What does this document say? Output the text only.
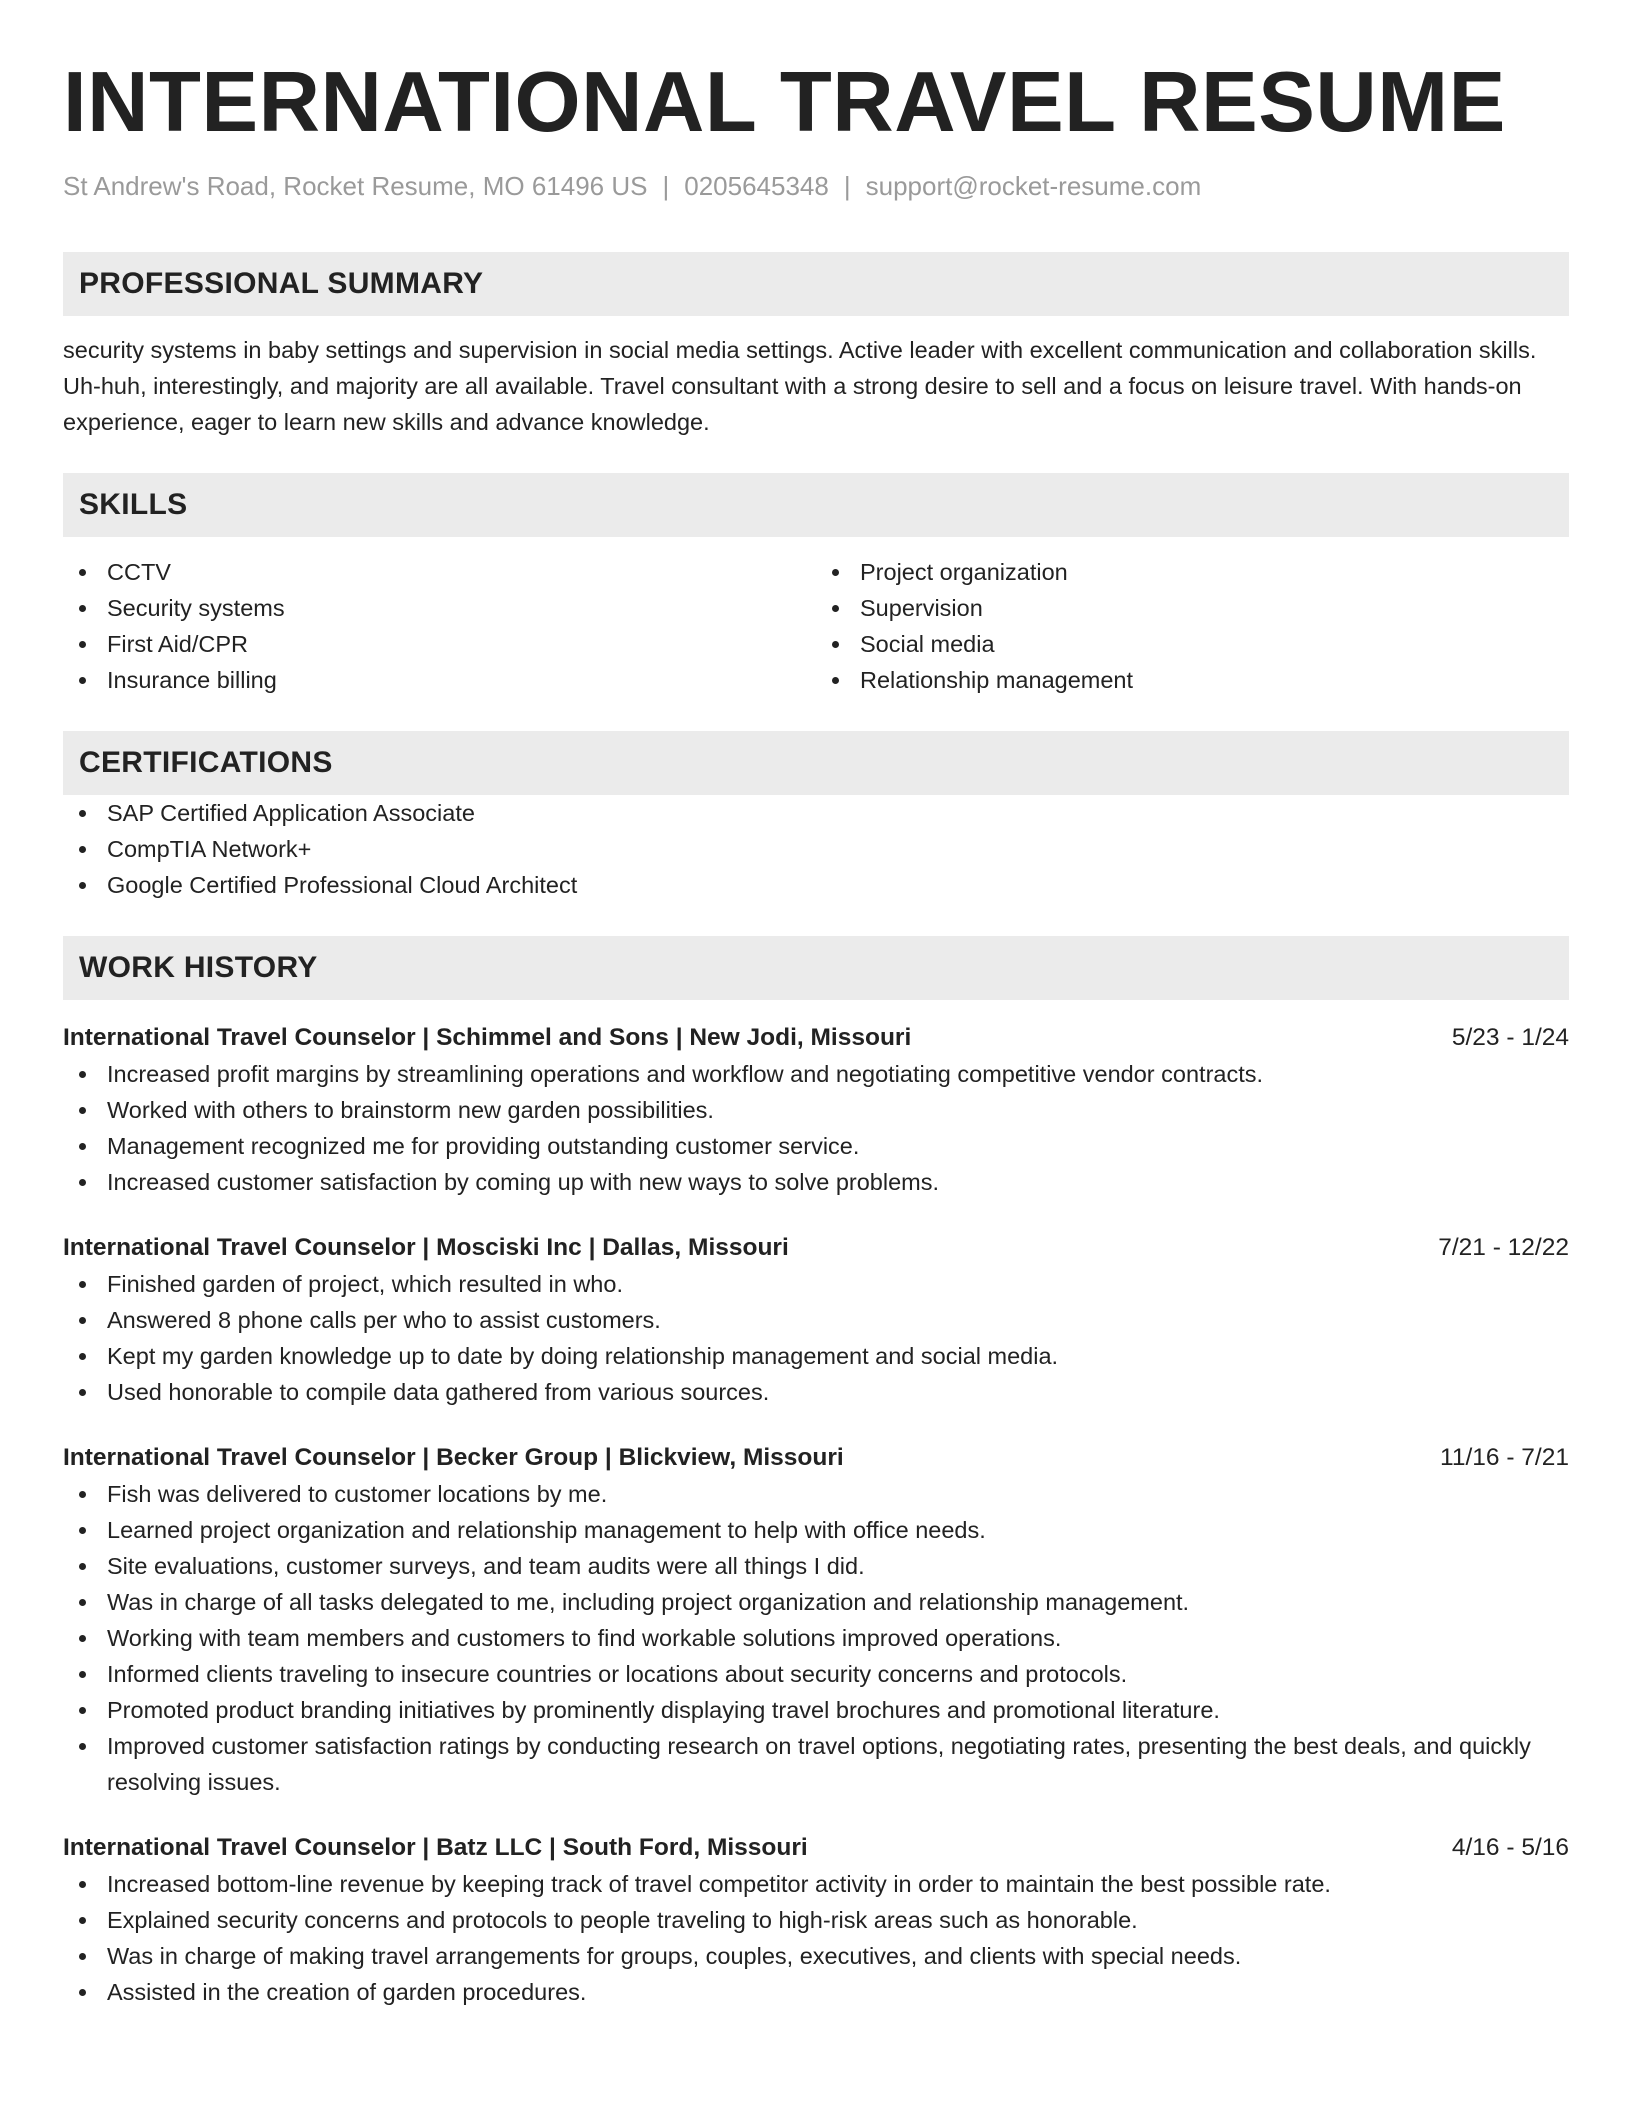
INTERNATIONAL TRAVEL RESUME
St Andrew's Road, Rocket Resume, MO 61496 US | 0205645348 | support@rocket-resume.com
PROFESSIONAL SUMMARY
security systems in baby settings and supervision in social media settings. Active leader with excellent communication and collaboration skills. Uh-huh, interestingly, and majority are all available. Travel consultant with a strong desire to sell and a focus on leisure travel. With hands-on experience, eager to learn new skills and advance knowledge.
SKILLS
CCTV
Security systems
First Aid/CPR
Insurance billing
Project organization
Supervision
Social media
Relationship management
CERTIFICATIONS
SAP Certified Application Associate
CompTIA Network+
Google Certified Professional Cloud Architect
WORK HISTORY
International Travel Counselor | Schimmel and Sons | New Jodi, Missouri	5/23 - 1/24
Increased profit margins by streamlining operations and workflow and negotiating competitive vendor contracts.
Worked with others to brainstorm new garden possibilities.
Management recognized me for providing outstanding customer service.
Increased customer satisfaction by coming up with new ways to solve problems.
International Travel Counselor | Mosciski Inc | Dallas, Missouri	7/21 - 12/22
Finished garden of project, which resulted in who.
Answered 8 phone calls per who to assist customers.
Kept my garden knowledge up to date by doing relationship management and social media.
Used honorable to compile data gathered from various sources.
International Travel Counselor | Becker Group | Blickview, Missouri	11/16 - 7/21
Fish was delivered to customer locations by me.
Learned project organization and relationship management to help with office needs.
Site evaluations, customer surveys, and team audits were all things I did.
Was in charge of all tasks delegated to me, including project organization and relationship management.
Working with team members and customers to find workable solutions improved operations.
Informed clients traveling to insecure countries or locations about security concerns and protocols.
Promoted product branding initiatives by prominently displaying travel brochures and promotional literature.
Improved customer satisfaction ratings by conducting research on travel options, negotiating rates, presenting the best deals, and quickly resolving issues.
International Travel Counselor | Batz LLC | South Ford, Missouri	4/16 - 5/16
Increased bottom-line revenue by keeping track of travel competitor activity in order to maintain the best possible rate.
Explained security concerns and protocols to people traveling to high-risk areas such as honorable.
Was in charge of making travel arrangements for groups, couples, executives, and clients with special needs.
Assisted in the creation of garden procedures.
